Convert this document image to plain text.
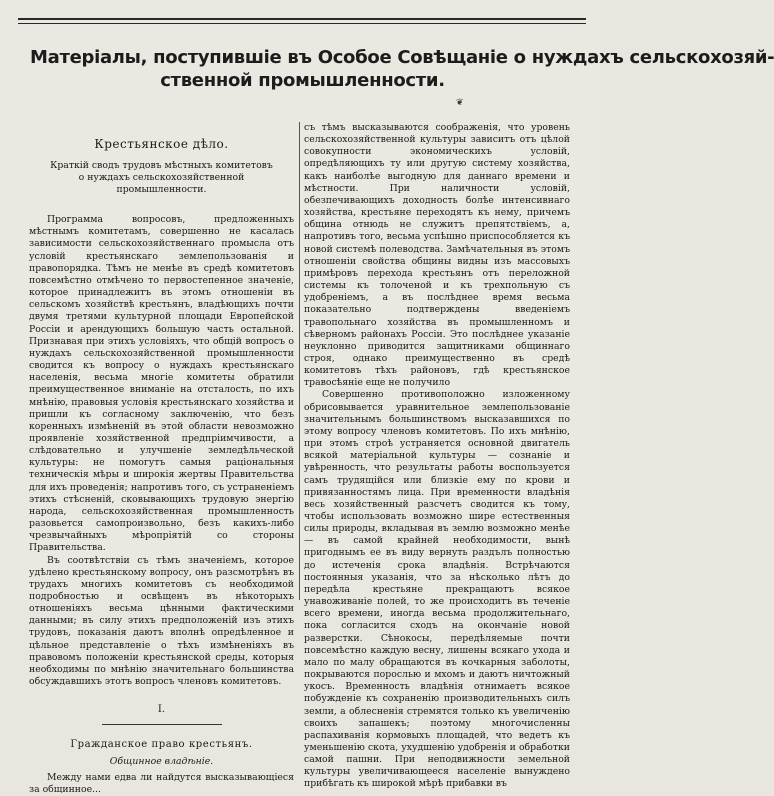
Матеріалы, поступившіе въ Особое Совѣщаніе о нуждахъ сельскохозяй-
ственной промышленности.
❦
Крестьянское дѣло.
Краткій сводъ трудовъ мѣстныхъ комитетовъ о нуждахъ сельскохозяйственной промышленности.
Программа вопросовъ, предложенныхъ мѣстнымъ комитетамъ, совершенно не касалась зависимости сельскохозяйственнаго промысла отъ условій крестьянскаго землепользованія и правопорядка. Тѣмъ не менѣе въ средѣ комитетовъ повсемѣстно отмѣчено то первостепенное значеніе, которое принадлежитъ въ этомъ отношеніи въ сельскомъ хозяйствѣ крестьянъ, владѣющихъ почти двумя третями культурной площади Европейской Россіи и арендующихъ большую часть остальной. Признавая при этихъ условіяхъ, что общій вопросъ о нуждахъ сельскохозяйственной промышленности сводится къ вопросу о нуждахъ крестьянскаго населенія, весьма многіе комитеты обратили преимущественное вниманіе на отсталость, по ихъ мнѣнію, правовыя условія крестьянскаго хозяйства и пришли къ согласному заключенію, что безъ коренныхъ измѣненій въ этой области невозможно проявленіе хозяйственной предпріимчивости, а слѣдовательно и улучшеніе земледѣльческой культуры: не помогутъ самыя раціональныя техническія мѣры и широкія жертвы Правительства для ихъ проведенія; напротивъ того, съ устраненіемъ этихъ стѣсненій, сковывающихъ трудовую энергію народа, сельскохозяйственная промышленность разовьется самопроизвольно, безъ какихъ-либо чрезвычайныхъ мѣропріятій со стороны Правительства.
Въ соотвѣтствіи съ тѣмъ значеніемъ, которое удѣлено крестьянскому вопросу, онъ разсмотрѣнъ въ трудахъ многихъ комитетовъ съ необходимой подробностью и освѣщенъ въ нѣкоторыхъ отношеніяхъ весьма цѣнными фактическими данными; въ силу этихъ предположеній изъ этихъ трудовъ, показанія даютъ вполнѣ опредѣленное и цѣльное представленіе о тѣхъ измѣненіяхъ въ правовомъ положеніи крестьянской среды, которыя необходимы по мнѣнію значительнаго большинства обсуждавшихъ этотъ вопросъ членовъ комитетовъ.
I.
Гражданское право крестьянъ.
Общинное владѣніе.
Между нами едва ли найдутся высказывающіеся за общинное...
съ тѣмъ высказываются соображенія, что уровень сельскохозяйственной культуры зависитъ отъ цѣлой совокупности экономическихъ условій, опредѣляющихъ ту или другую систему хозяйства, какъ наиболѣе выгодную для даннаго времени и мѣстности. При наличности условій, обезпечивающихъ доходность болѣе интенсивнаго хозяйства, крестьяне переходятъ къ нему, причемъ община отнюдь не служитъ препятствіемъ, а, напротивъ того, весьма успѣшно приспособляется къ новой системѣ полеводства. Замѣчательныя въ этомъ отношеніи свойства общины видны изъ массовыхъ примѣровъ перехода крестьянъ отъ переложной системы къ толоченой и къ трехпольную съ удобреніемъ, а въ послѣднее время весьма показательно подтверждены введеніемъ травопольнаго хозяйства въ промышленномъ и сѣверномъ районахъ Россіи. Это послѣднее указаніе неуклонно приводится защитниками общиннаго строя, однако преимущественно въ средѣ комитетовъ тѣхъ районовъ, гдѣ крестьянское травосѣяніе еще не получило
Совершенно противоположно изложенному обрисовывается уравнительное землепользованіе значительнымъ большинствомъ высказавшихся по этому вопросу членовъ комитетовъ. По ихъ мнѣнію, при этомъ строѣ устраняется основной двигатель всякой матеріальной культуры — сознаніе и увѣренность, что результаты работы воспользуется самъ трудящійся или близкіе ему по крови и привязанностямъ лица. При временности владѣнія весь хозяйственный разсчетъ сводится къ тому, чтобы использовать возможно шире естественныя силы природы, вкладывая въ землю возможно менѣе — въ самой крайней необходимости, вынѣ пригоднымъ ее въ виду вернуть раздълъ полностью до истеченія срока владѣнія. Встрѣчаются постоянныя указанія, что за нѣсколько лѣтъ до передѣла крестьяне прекращаютъ всякое унавоживаніе полей, то же происходитъ въ теченіе всего времени, иногда весьма продолжительнаго, пока согласится сходъ на окончаніе новой разверстки. Сѣнокосы, передѣляемые почти повсемѣстно каждую весну, лишены всякаго ухода и мало по малу обращаются въ кочкарныя заболоты, покрываются порослью и мхомъ и даютъ ничтожный укосъ. Временность владѣнія отнимаетъ всякое побужденіе къ сохраненію производительныхъ силъ земли, а облесненія стремятся только къ увеличенію своихъ запашекъ; поэтому многочисленны распахиванія кормовыхъ площадей, что ведетъ къ уменьшенію скота, ухудшенію удобренія и обработки самой пашни. При неподвижности земельной культуры увеличивающееся населеніе вынуждено прибѣгать къ широкой мѣрѣ прибавки въ
